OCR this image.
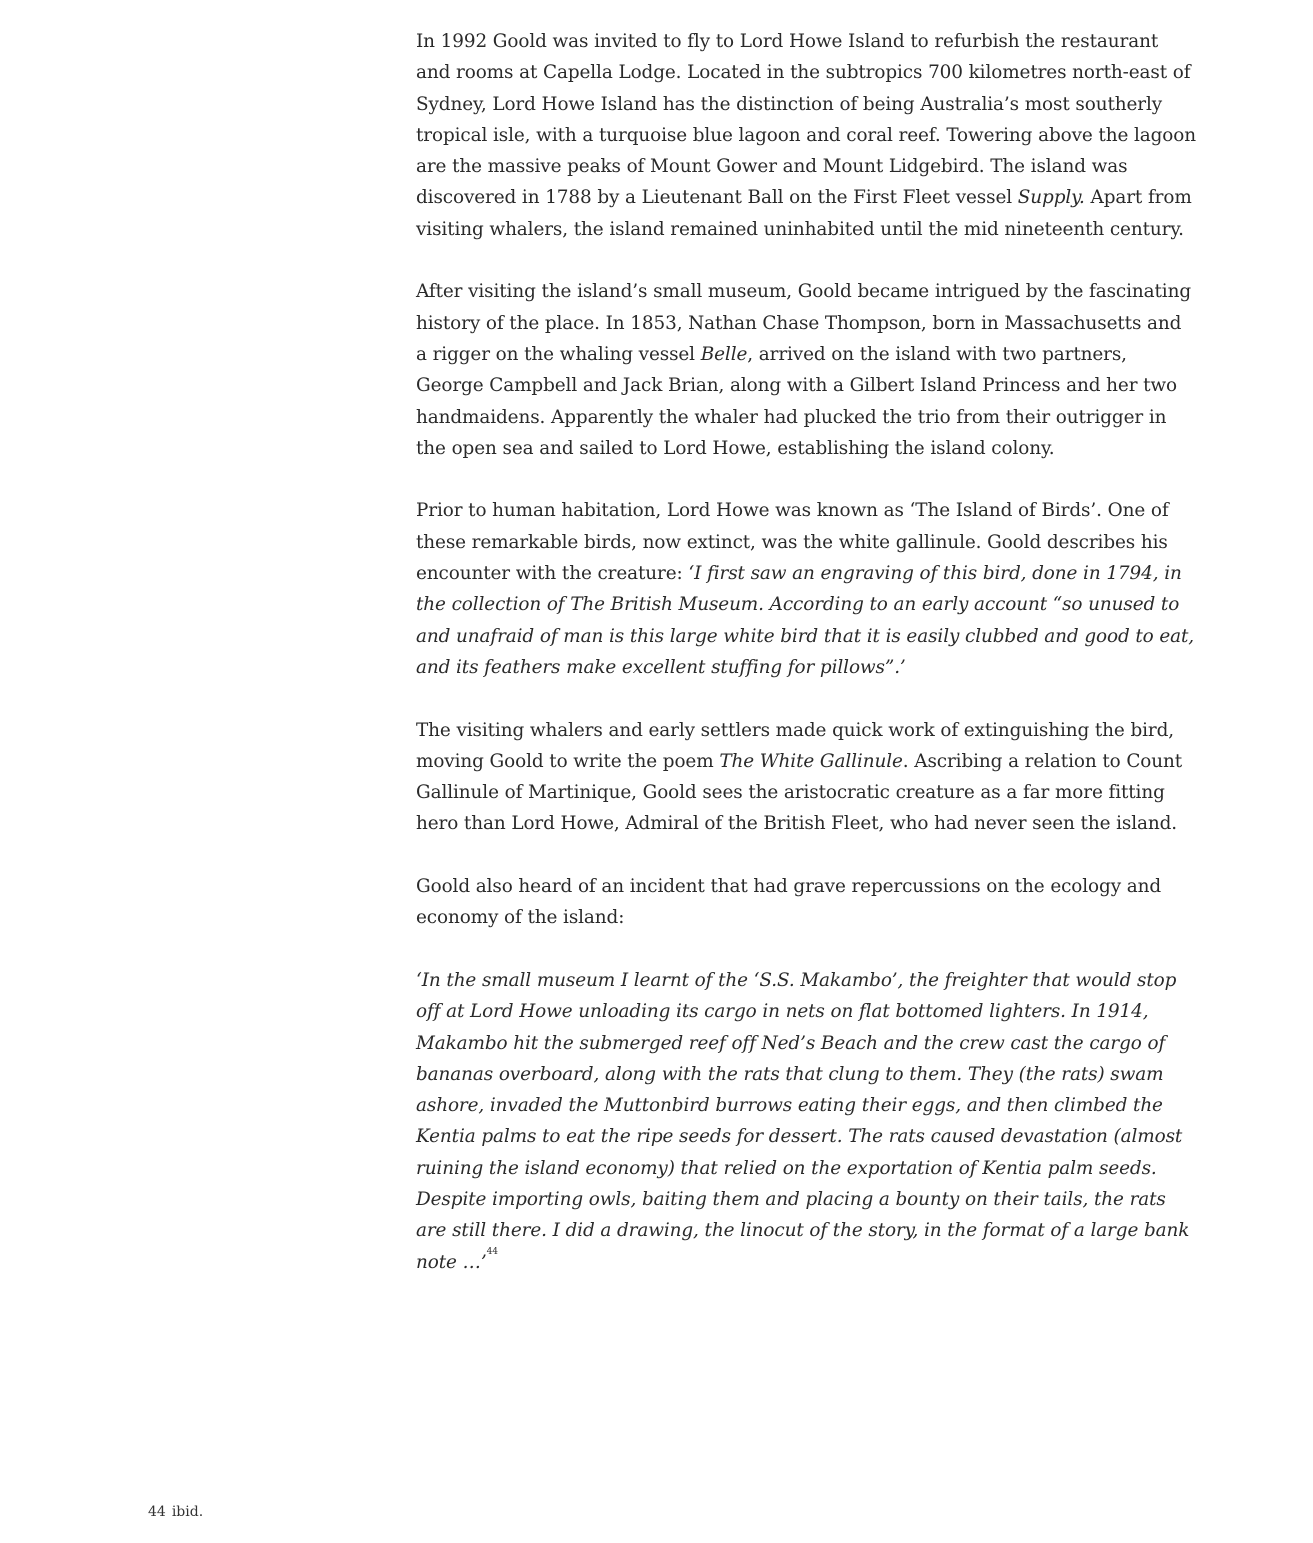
In 1992 Goold was invited to fly to Lord Howe Island to refurbish the restaurant and rooms at Capella Lodge. Located in the subtropics 700 kilometres north-east of Sydney, Lord Howe Island has the distinction of being Australia’s most southerly tropical isle, with a turquoise blue lagoon and coral reef. Towering above the lagoon are the massive peaks of Mount Gower and Mount Lidgebird. The island was discovered in 1788 by a Lieutenant Ball on the First Fleet vessel Supply. Apart from visiting whalers, the island remained uninhabited until the mid nineteenth century.

After visiting the island’s small museum, Goold became intrigued by the fascinating history of the place. In 1853, Nathan Chase Thompson, born in Massachusetts and a rigger on the whaling vessel Belle, arrived on the island with two partners, George Campbell and Jack Brian, along with a Gilbert Island Princess and her two handmaidens. Apparently the whaler had plucked the trio from their outrigger in the open sea and sailed to Lord Howe, establishing the island colony.

Prior to human habitation, Lord Howe was known as ‘The Island of Birds’. One of these remarkable birds, now extinct, was the white gallinule. Goold describes his encounter with the creature: ‘I first saw an engraving of this bird, done in 1794, in the collection of The British Museum. According to an early account “so unused to and unafraid of man is this large white bird that it is easily clubbed and good to eat, and its feathers make excellent stuffing for pillows”.’

The visiting whalers and early settlers made quick work of extinguishing the bird, moving Goold to write the poem The White Gallinule. Ascribing a relation to Count Gallinule of Martinique, Goold sees the aristocratic creature as a far more fitting hero than Lord Howe, Admiral of the British Fleet, who had never seen the island.

Goold also heard of an incident that had grave repercussions on the ecology and economy of the island:

‘In the small museum I learnt of the ‘S.S. Makambo’, the freighter that would stop off at Lord Howe unloading its cargo in nets on flat bottomed lighters. In 1914, Makambo hit the submerged reef off Ned’s Beach and the crew cast the cargo of bananas overboard, along with the rats that clung to them. They (the rats) swam ashore, invaded the Muttonbird burrows eating their eggs, and then climbed the Kentia palms to eat the ripe seeds for dessert. The rats caused devastation (almost ruining the island economy) that relied on the exportation of Kentia palm seeds. Despite importing owls, baiting them and placing a bounty on their tails, the rats are still there. I did a drawing, the linocut of the story, in the format of a large bank note …’$^{44}$

44 ibid.
